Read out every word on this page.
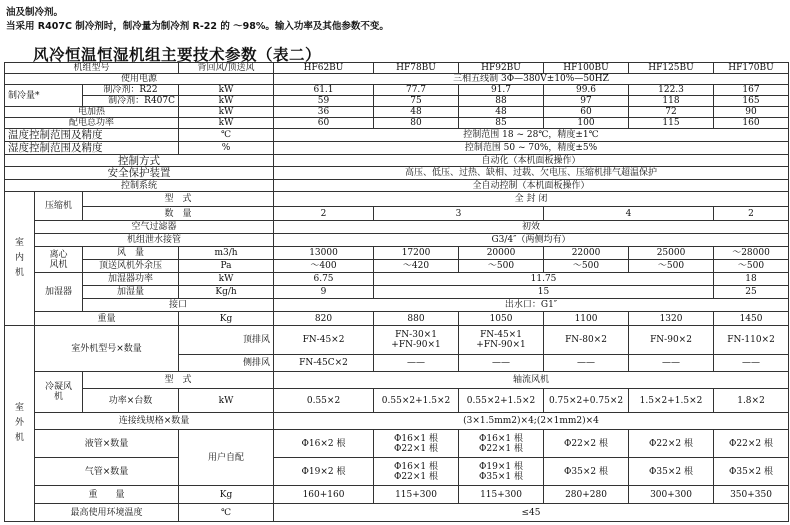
油及制冷剂。
当采用 R407C 制冷剂时，制冷量为制冷剂 R-22 的 ～98%。输入功率及其他参数不变。
风冷恒温恒湿机组主要技术参数（表二）
机组型号			背回风/顶送风	HF62BU	HF78BU	HF92BU	HF100BU	HF125BU	HF170BU
使用电源				三相五线制 3Φ—380V±10%—50HZ					
制冷量*		制冷剂：R22	kW	61.1	77.7	91.7	99.6	122.3	167
		制冷剂：R407C	kW	59	75	88	97	118	165
电加热			kW	36	48	48	60	72	90
配电总功率			kW	60	80	85	100	115	160
温度控制范围及精度			℃	控制范围 18 ~ 28℃，精度±1℃					
湿度控制范围及精度			%	控制范围 50 ~ 70%，精度±5%					
控制方式				自动化（本机面板操作）					
安全保护装置				高压、低压、过热、缺相、过载、欠电压、压缩机排气超温保护					
控制系统				全自动控制（本机面板操作）					
室
内
机	压缩机	型　式		全 封 闭					
		数　量		2	3		4		2
	空气过滤器			初效					
	机组泄水接管			G3/4″（两侧均有）					
	离心
风机	风　量	m3/h	13000	17200	20000	22000	25000	～28000
		顶送风机外余压	Pa	～400	～420	～500	～500	～500	～500
	加湿器	加湿器功率	kW	6.75	11.75				18
		加湿量	Kg/h	9	15				25
		接口		出水口：G1″					
	重量		Kg	820	880	1050	1100	1320	1450
室
外
机	室外机型号×数量		顶排风	FN-45×2	FN-30×1
+FN-90×1	FN-45×1
+FN-90×1	FN-80×2	FN-90×2	FN-110×2
			侧排风	FN-45C×2	——	——	——	——	——
	冷凝风
机	型　式		轴流风机					
		功率×台数	kW	0.55×2	0.55×2+1.5×2	0.55×2+1.5×2	0.75×2+0.75×2	1.5×2+1.5×2	1.8×2
	连接线规格×数量			(3×1.5mm2)×4;(2×1mm2)×4					
	液管×数量		用户自配	Φ16×2 根	Φ16×1 根
Φ22×1 根	Φ16×1 根
Φ22×1 根	Φ22×2 根	Φ22×2 根	Φ22×2 根
	气管×数量			Φ19×2 根	Φ16×1 根
Φ22×1 根	Φ19×1 根
Φ35×1 根	Φ35×2 根	Φ35×2 根	Φ35×2 根
	重　　量		Kg	160+160	115+300	115+300	280+280	300+300	350+350
	最高使用环境温度		℃	≤45					
